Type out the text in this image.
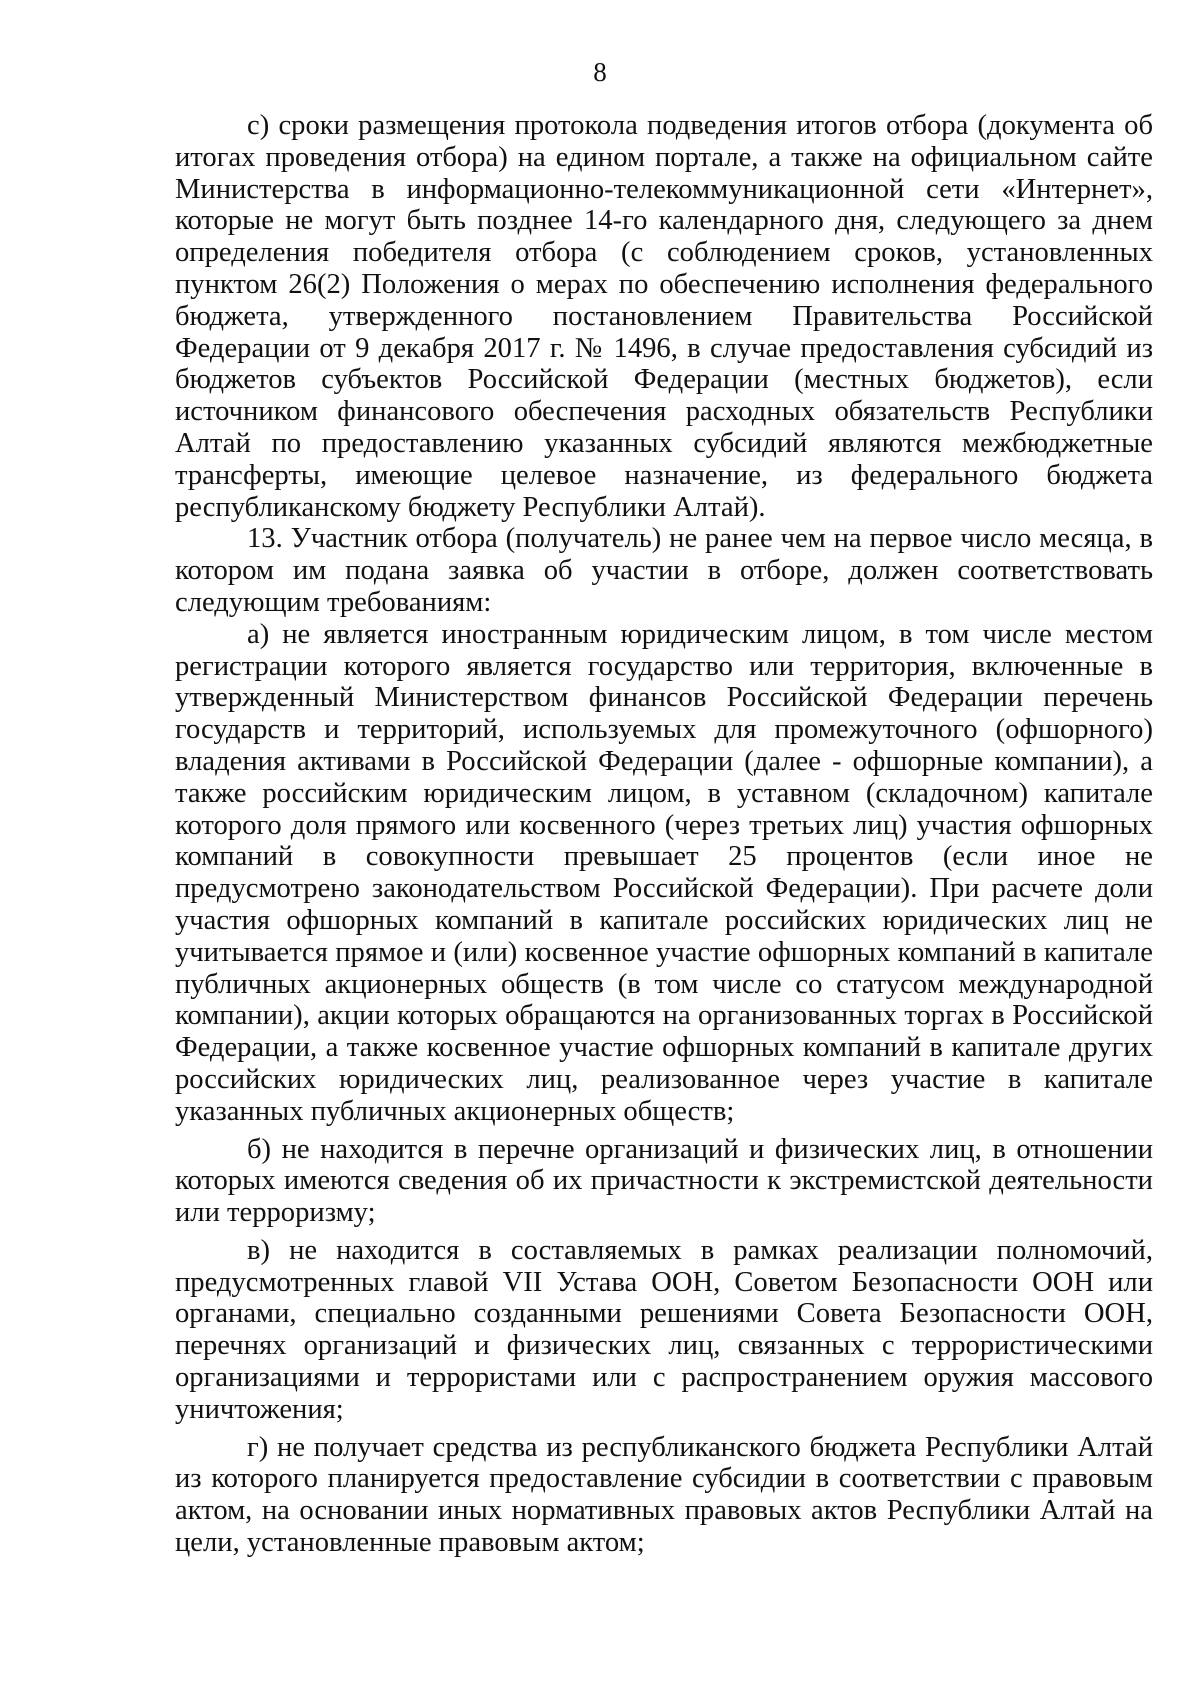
8

с) сроки размещения протокола подведения итогов отбора (документа об итогах проведения отбора) на едином портале, а также на официальном сайте Министерства в информационно-телекоммуникационной сети «Интернет», которые не могут быть позднее 14-го календарного дня, следующего за днем определения победителя отбора (с соблюдением сроков, установленных пунктом 26(2) Положения о мерах по обеспечению исполнения федерального бюджета, утвержденного постановлением Правительства Российской Федерации от 9 декабря 2017 г. № 1496, в случае предоставления субсидий из бюджетов субъектов Российской Федерации (местных бюджетов), если источником финансового обеспечения расходных обязательств Республики Алтай по предоставлению указанных субсидий являются межбюджетные трансферты, имеющие целевое назначение, из федерального бюджета республиканскому бюджету Республики Алтай).

13. Участник отбора (получатель) не ранее чем на первое число месяца, в котором им подана заявка об участии в отборе, должен соответствовать следующим требованиям:

а) не является иностранным юридическим лицом, в том числе местом регистрации которого является государство или территория, включенные в утвержденный Министерством финансов Российской Федерации перечень государств и территорий, используемых для промежуточного (офшорного) владения активами в Российской Федерации (далее - офшорные компании), а также российским юридическим лицом, в уставном (складочном) капитале которого доля прямого или косвенного (через третьих лиц) участия офшорных компаний в совокупности превышает 25 процентов (если иное не предусмотрено законодательством Российской Федерации). При расчете доли участия офшорных компаний в капитале российских юридических лиц не учитывается прямое и (или) косвенное участие офшорных компаний в капитале публичных акционерных обществ (в том числе со статусом международной компании), акции которых обращаются на организованных торгах в Российской Федерации, а также косвенное участие офшорных компаний в капитале других российских юридических лиц, реализованное через участие в капитале указанных публичных акционерных обществ;

б) не находится в перечне организаций и физических лиц, в отношении которых имеются сведения об их причастности к экстремистской деятельности или терроризму;

в) не находится в составляемых в рамках реализации полномочий, предусмотренных главой VII Устава ООН, Советом Безопасности ООН или органами, специально созданными решениями Совета Безопасности ООН, перечнях организаций и физических лиц, связанных с террористическими организациями и террористами или с распространением оружия массового уничтожения;

г) не получает средства из республиканского бюджета Республики Алтай из которого планируется предоставление субсидии в соответствии с правовым актом, на основании иных нормативных правовых актов Республики Алтай на цели, установленные правовым актом;
